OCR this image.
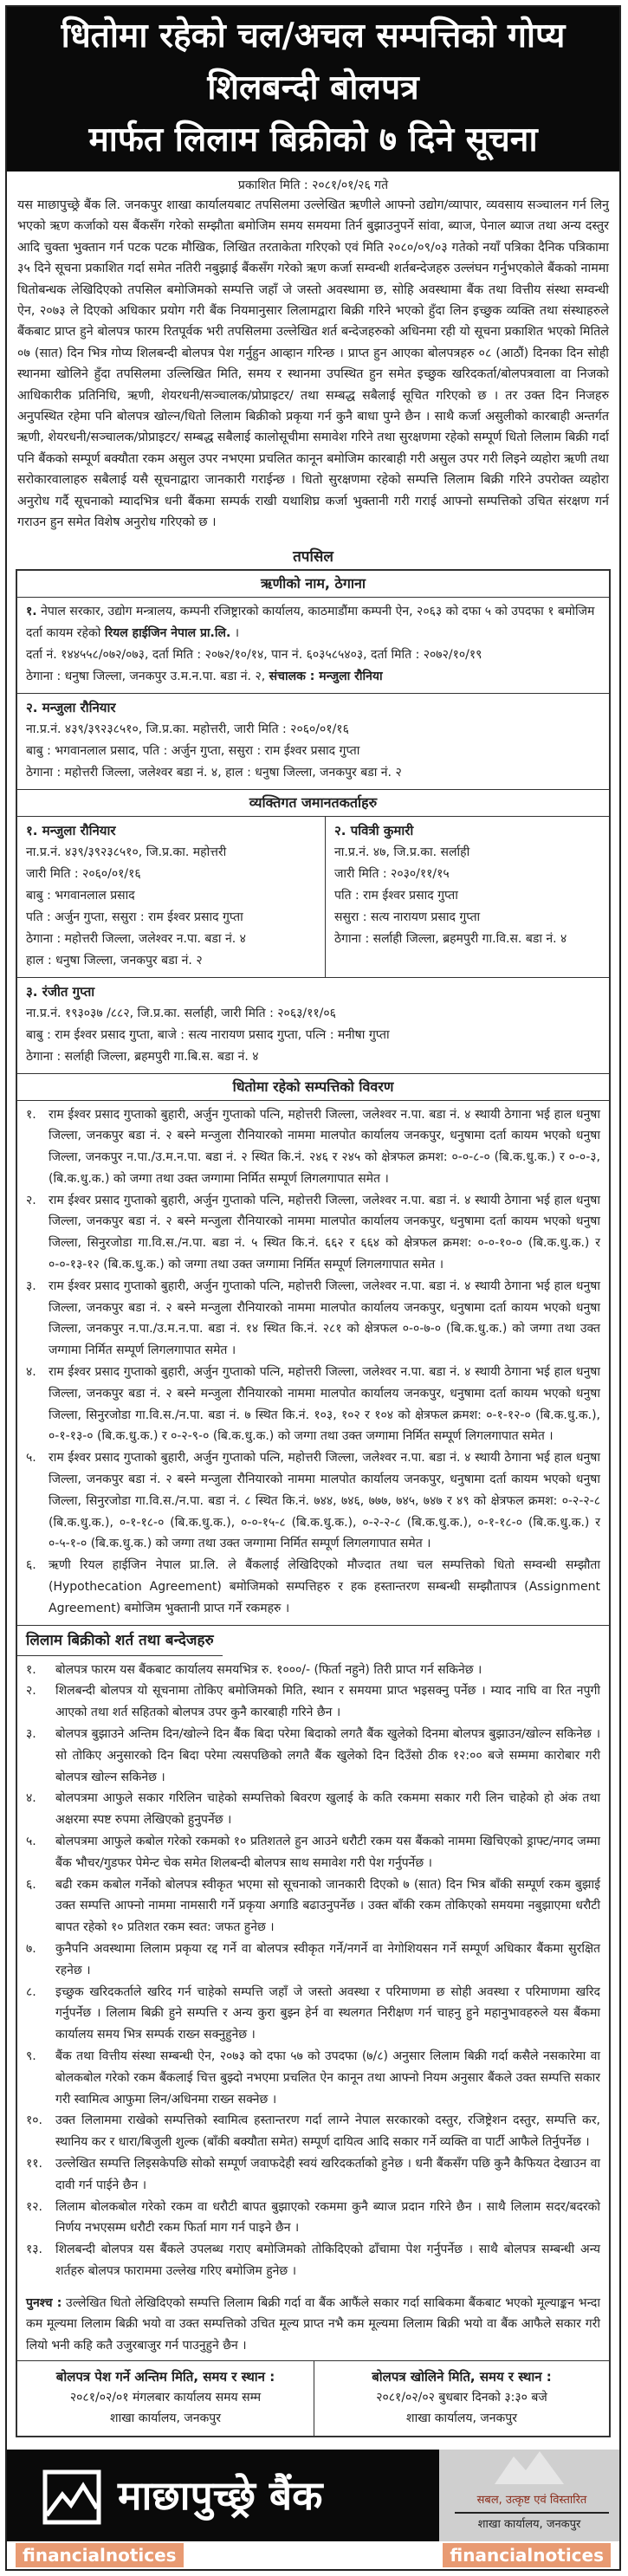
धितोमा रहेको चल/अचल सम्पत्तिको गोप्य शिलबन्दी बोलपत्र
मार्फत लिलाम बिक्रीको ७ दिने सूचना
प्रकाशित मिति : २०८१/०१/२६ गते

यस माछापुच्छ्रे बैंक लि. जनकपुर शाखा कार्यालयबाट तपसिलमा उल्लेखित ऋणीले आफ्नो उद्योग/व्यापार, व्यवसाय सञ्चालन गर्न लिनु भएको ऋण कर्जाको यस बैंकसँग गरेको सम्झौता बमोजिम समय समयमा तिर्न बुझाउनुपर्ने सांवा, ब्याज, पेनाल ब्याज तथा अन्य दस्तुर आदि चुक्ता भुक्तान गर्न पटक पटक मौखिक, लिखित तरताकेता गरिएको एवं मिति २०८०/०९/०३ गतेको नयाँ पत्रिका दैनिक पत्रिकामा ३५ दिने सूचना प्रकाशित गर्दा समेत नतिरी नबुझाई बैंकसँग गरेको ऋण कर्जा सम्वन्धी शर्तबन्देजहरु उल्लंघन गर्नुभएकोले बैंकको नाममा धितोबन्धक लेखिदिएको तपसिल बमोजिमको सम्पत्ति जहाँ जे जस्तो अवस्थामा छ, सोहि अवस्थामा बैंक तथा वित्तीय संस्था सम्वन्धी ऐन, २०७३ ले दिएको अधिकार प्रयोग गरी बैंक नियमानुसार लिलामद्वारा बिक्री गरिने भएको हुँदा लिन इच्छुक व्यक्ति तथा संस्थाहरुले बैंकबाट प्राप्त हुने बोलपत्र फारम रितपूर्वक भरी तपसिलमा उल्लेखित शर्त बन्देजहरुको अधिनमा रही यो सूचना प्रकाशित भएको मितिले ०७ (सात) दिन भित्र गोप्य शिलबन्दी बोलपत्र पेश गर्नुहुन आव्हान गरिन्छ । प्राप्त हुन आएका बोलपत्रहरु ०८ (आठौं) दिनका दिन सोही स्थानमा खोलिने हुँदा तपसिलमा उल्लिखित मिति, समय र स्थानमा उपस्थित हुन समेत इच्छुक खरिदकर्ता/बोलपत्रवाला वा निजको आधिकारीक प्रतिनिधि, ऋणी, शेयरधनी/सञ्चालक/प्रोप्राइटर/ तथा सम्बद्ध सबैलाई सूचित गरिएको छ । तर उक्त दिन निजहरु अनुपस्थित रहेमा पनि बोलपत्र खोल्न/धितो लिलाम बिक्रीको प्रकृया गर्न कुनै बाधा पुग्ने छैन । साथै कर्जा असुलीको कारबाही अन्तर्गत ऋणी, शेयरधनी/सञ्चालक/प्रोप्राइटर/ सम्बद्ध सबैलाई कालोसूचीमा समावेश गरिने तथा सुरक्षणमा रहेको सम्पूर्ण धितो लिलाम बिक्री गर्दा पनि बैंकको सम्पूर्ण बक्यौता रकम असुल उपर नभएमा प्रचलित कानून बमोजिम कारबाही गरी असुल उपर गरी लिइने व्यहोरा ऋणी तथा सरोकारवालाहरु सबैलाई यसै सूचनाद्वारा जानकारी गराईन्छ । धितो सुरक्षणमा रहेको सम्पत्ति लिलाम बिक्री गरिने उपरोक्त व्यहोरा अनुरोध गर्दै सूचनाको म्यादभित्र धनी बैंकमा सम्पर्क राखी यथाशिघ्र कर्जा भुक्तानी गरी गराई आफ्नो सम्पत्तिको उचित संरक्षण गर्न गराउन हुन समेत विशेष अनुरोध गरिएको छ ।

तपसिल
ऋणीको नाम, ठेगाना
१. नेपाल सरकार, उद्योग मन्त्रालय, कम्पनी रजिष्ट्रारको कार्यालय, काठमाडौंमा कम्पनी ऐन, २०६३ को दफा ५ को उपदफा १ बमोजिम दर्ता कायम रहेको रियल हाईजिन नेपाल प्रा.लि. ।
दर्ता नं. १४४५५८/०७२/०७३, दर्ता मिति : २०७२/१०/१४, पान नं. ६०३५८५४०३, दर्ता मिति : २०७२/१०/१९
ठेगाना : धनुषा जिल्ला, जनकपुर उ.म.न.पा. बडा नं. २, संचालक : मन्जुला रौनिया
२. मन्जुला रौनियार
ना.प्र.नं. ४३९/३९२३८५१०, जि.प्र.का. महोत्तरी, जारी मिति : २०६०/०१/१६
बाबु : भगवानलाल प्रसाद, पति : अर्जुन गुप्ता, ससुरा : राम ईश्वर प्रसाद गुप्ता
ठेगाना : महोत्तरी जिल्ला, जलेश्वर बडा नं. ४, हाल : धनुषा जिल्ला, जनकपुर बडा नं. २
व्यक्तिगत जमानतकर्ताहरु
१. मन्जुला रौनियार
ना.प्र.नं. ४३९/३९२३८५१०, जि.प्र.का. महोत्तरी
जारी मिति : २०६०/०१/१६
बाबु : भगवानलाल प्रसाद
पति : अर्जुन गुप्ता, ससुरा : राम ईश्वर प्रसाद गुप्ता
ठेगाना : महोत्तरी जिल्ला, जलेश्वर न.पा. बडा नं. ४
हाल : धनुषा जिल्ला, जनकपुर बडा नं. २
२. पवित्री कुमारी
ना.प्र.नं. ४७, जि.प्र.का. सर्लाही
जारी मिति : २०३०/११/१५
पति : राम ईश्वर प्रसाद गुप्ता
ससुरा : सत्य नारायण प्रसाद गुप्ता
ठेगाना : सर्लाही जिल्ला, ब्रहमपुरी गा.वि.स. बडा नं. ४
३. रंजीत गुप्ता
ना.प्र.नं. १९३०३७ /८८२, जि.प्र.का. सर्लाही, जारी मिति : २०६३/११/०६
बाबु : राम ईश्वर प्रसाद गुप्ता, बाजे : सत्य नारायण प्रसाद गुप्ता, पत्नि : मनीषा गुप्ता
ठेगाना : सर्लाही जिल्ला, ब्रहमपुरी गा.बि.स. बडा नं. ४
धितोमा रहेको सम्पत्तिको विवरण
१. राम ईश्वर प्रसाद गुप्ताको बुहारी, अर्जुन गुप्ताको पत्नि, महोत्तरी जिल्ला, जलेश्वर न.पा. बडा नं. ४ स्थायी ठेगाना भई हाल धनुषा जिल्ला, जनकपुर बडा नं. २ बस्ने मन्जुला रौनियारको नाममा मालपोत कार्यालय जनकपुर, धनुषामा दर्ता कायम भएको धनुषा जिल्ला, जनकपुर न.पा./उ.म.न.पा. बडा नं. २ स्थित कि.नं. २४६ र २४५ को क्षेत्रफल क्रमश: ०-०-८-० (बि.क.धु.क.) र ०-०-३, (बि.क.धु.क.) को जग्गा तथा उक्त जग्गामा निर्मित सम्पूर्ण लिगलगापात समेत ।
२. राम ईश्वर प्रसाद गुप्ताको बुहारी, अर्जुन गुप्ताको पत्नि, महोत्तरी जिल्ला, जलेश्वर न.पा. बडा नं. ४ स्थायी ठेगाना भई हाल धनुषा जिल्ला, जनकपुर बडा नं. २ बस्ने मन्जुला रौनियारको नाममा मालपोत कार्यालय जनकपुर, धनुषामा दर्ता कायम भएको धनुषा जिल्ला, सिनुरजोडा गा.वि.स./न.पा. बडा नं. ५ स्थित कि.नं. ६६२ र ६६४ को क्षेत्रफल क्रमश: ०-०-१०-० (बि.क.धु.क.) र ०-०-१३-१२ (बि.क.धु.क.) को जग्गा तथा उक्त जग्गामा निर्मित सम्पूर्ण लिगलगापात समेत ।
३. राम ईश्वर प्रसाद गुप्ताको बुहारी, अर्जुन गुप्ताको पत्नि, महोत्तरी जिल्ला, जलेश्वर न.पा. बडा नं. ४ स्थायी ठेगाना भई हाल धनुषा जिल्ला, जनकपुर बडा नं. २ बस्ने मन्जुला रौनियारको नाममा मालपोत कार्यालय जनकपुर, धनुषामा दर्ता कायम भएको धनुषा जिल्ला, जनकपुर न.पा./उ.म.न.पा. बडा नं. १४ स्थित कि.नं. २८१ को क्षेत्रफल ०-०-७-० (बि.क.धु.क.) को जग्गा तथा उक्त जग्गामा निर्मित सम्पूर्ण लिगलगापात समेत ।
४. राम ईश्वर प्रसाद गुप्ताको बुहारी, अर्जुन गुप्ताको पत्नि, महोत्तरी जिल्ला, जलेश्वर न.पा. बडा नं. ४ स्थायी ठेगाना भई हाल धनुषा जिल्ला, जनकपुर बडा नं. २ बस्ने मन्जुला रौनियारको नाममा मालपोत कार्यालय जनकपुर, धनुषामा दर्ता कायम भएको धनुषा जिल्ला, सिनुरजोडा गा.वि.स./न.पा. बडा नं. ७ स्थित कि.नं. १०३, १०२ र १०४ को क्षेत्रफल क्रमश: ०-१-१२-० (बि.क.धु.क.), ०-१-१३-० (बि.क.धु.क.) र ०-२-९-० (बि.क.धु.क.) को जग्गा तथा उक्त जग्गामा निर्मित सम्पूर्ण लिगलगापात समेत ।
५. राम ईश्वर प्रसाद गुप्ताको बुहारी, अर्जुन गुप्ताको पत्नि, महोत्तरी जिल्ला, जलेश्वर न.पा. बडा नं. ४ स्थायी ठेगाना भई हाल धनुषा जिल्ला, जनकपुर बडा नं. २ बस्ने मन्जुला रौनियारको नाममा मालपोत कार्यालय जनकपुर, धनुषामा दर्ता कायम भएको धनुषा जिल्ला, सिनुरजोडा गा.वि.स./न.पा. बडा नं. ८ स्थित कि.नं. ७४४, ७४६, ७७७, ७४५, ७४७ र ४९ को क्षेत्रफल क्रमश: ०-२-२-८ (बि.क.धु.क.), ०-१-१८-० (बि.क.धु.क.), ०-०-१५-८ (बि.क.धु.क.), ०-२-२-८ (बि.क.धु.क.), ०-१-१८-० (बि.क.धु.क.) र ०-५-१-० (बि.क.धु.क.) को जग्गा तथा उक्त जग्गामा निर्मित सम्पूर्ण लिगलगापात समेत ।
६. ऋणी रियल हाईजिन नेपाल प्रा.लि. ले बैंकलाई लेखिदिएको मौज्दात तथा चल सम्पत्तिको धितो सम्वन्धी सम्झौता (Hypothecation Agreement) बमोजिमको सम्पत्तिहरु र हक हस्तान्तरण सम्बन्धी सम्झौतापत्र (Assignment Agreement) बमोजिम भुक्तानी प्राप्त गर्ने रकमहरु ।
लिलाम बिक्रीको शर्त तथा बन्देजहरु
१. बोलपत्र फारम यस बैंकबाट कार्यालय समयभित्र रु. १०००/- (फिर्ता नहुने) तिरी प्राप्त गर्न सकिनेछ ।
२. शिलबन्दी बोलपत्र यो सूचनामा तोकिए बमोजिमको मिति, स्थान र समयमा प्राप्त भइसक्नु पर्नेछ । म्याद नाघि वा रित नपुगी आएको तथा शर्त सहितको बोलपत्र उपर कुनै कारबाही गरिने छैन ।
३. बोलपत्र बुझाउने अन्तिम दिन/खोल्ने दिन बैंक बिदा परेमा बिदाको लगतै बैंक खुलेको दिनमा बोलपत्र बुझाउन/खोल्न सकिनेछ । सो तोकिए अनुसारको दिन बिदा परेमा त्यसपछिको लगतै बैंक खुलेको दिन दिउँसो ठीक १२:०० बजे सम्ममा कारोबार गरी बोलपत्र खोल्न सकिनेछ ।
४. बोलपत्रमा आफुले सकार गरिलिन चाहेको सम्पत्तिको बिवरण खुलाई के कति रकममा सकार गरी लिन चाहेको हो अंक तथा अक्षरमा स्पष्ट रुपमा लेखिएको हुनुपर्नेछ ।
५. बोलपत्रमा आफुले कबोल गरेको रकमको १० प्रतिशतले हुन आउने धरौटी रकम यस बैंकको नाममा खिचिएको ड्राफ्ट/नगद जम्मा बैंक भौचर/गुडफर पेमेन्ट चेक समेत शिलबन्दी बोलपत्र साथ समावेश गरी पेश गर्नुपर्नेछ ।
६. बढी रकम कबोल गर्नेको बोलपत्र स्वीकृत भएमा सो सूचनाको जानकारी दिएको ७ (सात) दिन भित्र बाँकी सम्पूर्ण रकम बुझाई उक्त सम्पत्ति आफ्नो नाममा नामसारी गर्ने प्रकृया अगाडि बढाउनुपर्नेछ । उक्त बाँकी रकम तोकिएको समयमा नबुझाएमा धरौटी बापत रहेको १० प्रतिशत रकम स्वत: जफत हुनेछ ।
७. कुनैपनि अवस्थामा लिलाम प्रकृया रद्द गर्ने वा बोलपत्र स्वीकृत गर्ने/नगर्ने वा नेगोशियसन गर्ने सम्पूर्ण अधिकार बैंकमा सुरक्षित रहनेछ ।
८. इच्छुक खरिदकर्ताले खरिद गर्न चाहेको सम्पत्ति जहाँ जे जस्तो अवस्था र परिमाणमा छ सोही अवस्था र परिमाणमा खरिद गर्नुपर्नेछ । लिलाम बिक्री हुने सम्पत्ति र अन्य कुरा बुझ्न हेर्न वा स्थलगत निरीक्षण गर्न चाहनु हुने महानुभावहरुले यस बैंकमा कार्यालय समय भित्र सम्पर्क राख्न सक्नुहुनेछ ।
९. बैंक तथा वित्तीय संस्था सम्बन्धी ऐन, २०७३ को दफा ५७ को उपदफा (७/८) अनुसार लिलाम बिक्री गर्दा कसैले नसकारेमा वा बोलकबोल गरेको रकम बैंकलाई चित्त बुझ्दो नभएमा प्रचलित ऐन कानून तथा आफ्नो नियम अनुसार बैंकले उक्त सम्पत्ति सकार गरी स्वामित्व आफुमा लिन/अधिनमा राख्न सक्नेछ ।
१०. उक्त लिलाममा राखेको सम्पत्तिको स्वामित्व हस्तान्तरण गर्दा लाग्ने नेपाल सरकारको दस्तुर, रजिष्ट्रेशन दस्तुर, सम्पत्ति कर, स्थानिय कर र धारा/बिजुली शुल्क (बाँकी बक्यौता समेत) सम्पूर्ण दायित्व आदि सकार गर्ने व्यक्ति वा पार्टी आफैले तिर्नुपर्नेछ ।
११. उल्लेखित सम्पत्ति लिइसकेपछि सोको सम्पूर्ण जवाफदेही स्वयं खरिदकर्ताको हुनेछ । धनी बैंकसँग पछि कुनै कैफियत देखाउन वा दावी गर्न पाईने छैन ।
१२. लिलाम बोलकबोल गरेको रकम वा धरौटी बापत बुझाएको रकममा कुनै ब्याज प्रदान गरिने छैन । साथै लिलाम सदर/बदरको निर्णय नभएसम्म धरौटी रकम फिर्ता माग गर्न पाइने छैन ।
१३. शिलबन्दी बोलपत्र यस बैंकले उपलब्ध गराए बमोजिमको तोकिदिएको ढाँचामा पेश गर्नुपर्नेछ । साथै बोलपत्र सम्बन्धी अन्य शर्तहरु बोलपत्र फाराममा उल्लेख गरिए बमोजिम हुनेछ ।
पुनश्च : उल्लेखित धितो लेखिदिएको सम्पत्ति लिलाम बिक्री गर्दा वा बैंक आफैंले सकार गर्दा साबिकमा बैंकबाट भएको मूल्याङ्कन भन्दा कम मूल्यमा लिलाम बिक्री भयो वा उक्त सम्पत्तिको उचित मूल्य प्राप्त नभै कम मूल्यमा लिलाम बिक्री भयो वा बैंक आफैले सकार गरी लियो भनी कहि कतै उजुरबाजुर गर्न पाउनुहुने छैन ।
बोलपत्र पेश गर्ने अन्तिम मिति, समय र स्थान :
२०८१/०२/०१ मंगलबार कार्यालय समय सम्म
शाखा कार्यालय, जनकपुर
बोलपत्र खोलिने मिति, समय र स्थान :
२०८१/०२/०२ बुधबार दिनको ३:३० बजे
शाखा कार्यालय, जनकपुर
माछापुच्छ्रे बैंक	सबल, उत्कृष्ट एवं विस्तारित
शाखा कार्यालय, जनकपुर
financialnotices	financialnotices
